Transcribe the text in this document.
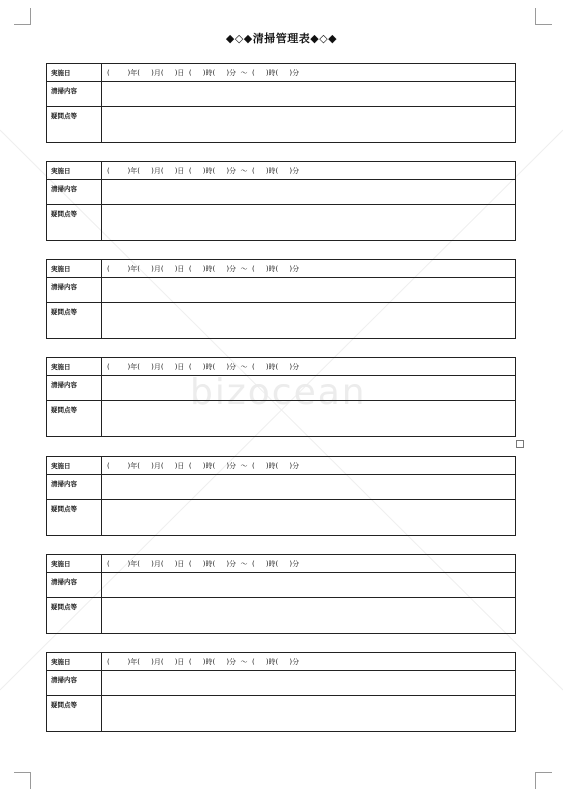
◆◇◆清掃管理表◆◇◆
bizocean
実施日	(        )年(     )月(     )日  (     )時(     )分  ～  (     )時(     )分
清掃内容
疑問点等
実施日	(        )年(     )月(     )日  (     )時(     )分  ～  (     )時(     )分
清掃内容
疑問点等
実施日	(        )年(     )月(     )日  (     )時(     )分  ～  (     )時(     )分
清掃内容
疑問点等
実施日	(        )年(     )月(     )日  (     )時(     )分  ～  (     )時(     )分
清掃内容
疑問点等
実施日	(        )年(     )月(     )日  (     )時(     )分  ～  (     )時(     )分
清掃内容
疑問点等
実施日	(        )年(     )月(     )日  (     )時(     )分  ～  (     )時(     )分
清掃内容
疑問点等
実施日	(        )年(     )月(     )日  (     )時(     )分  ～  (     )時(     )分
清掃内容
疑問点等
